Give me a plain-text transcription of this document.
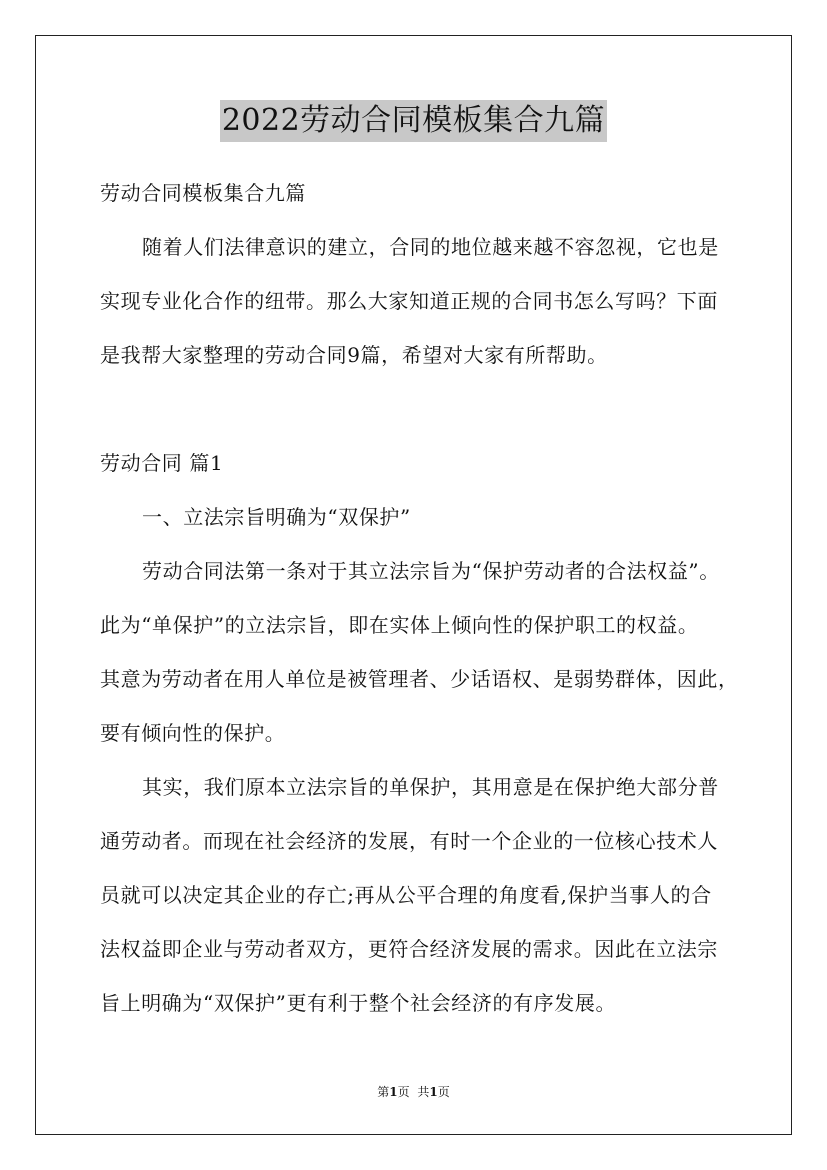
2022劳动合同模板集合九篇
劳动合同模板集合九篇
随着人们法律意识的建立，合同的地位越来越不容忽视，它也是
实现专业化合作的纽带。那么大家知道正规的合同书怎么写吗？下面
是我帮大家整理的劳动合同9篇，希望对大家有所帮助。
劳动合同 篇1
一、立法宗旨明确为“双保护”
劳动合同法第一条对于其立法宗旨为“保护劳动者的合法权益”。
此为“单保护”的立法宗旨，即在实体上倾向性的保护职工的权益。
其意为劳动者在用人单位是被管理者、少话语权、是弱势群体，因此，
要有倾向性的保护。
其实，我们原本立法宗旨的单保护，其用意是在保护绝大部分普
通劳动者。而现在社会经济的发展，有时一个企业的一位核心技术人
员就可以决定其企业的存亡;再从公平合理的角度看,保护当事人的合
法权益即企业与劳动者双方，更符合经济发展的需求。因此在立法宗
旨上明确为“双保护”更有利于整个社会经济的有序发展。
第1页 共1页
